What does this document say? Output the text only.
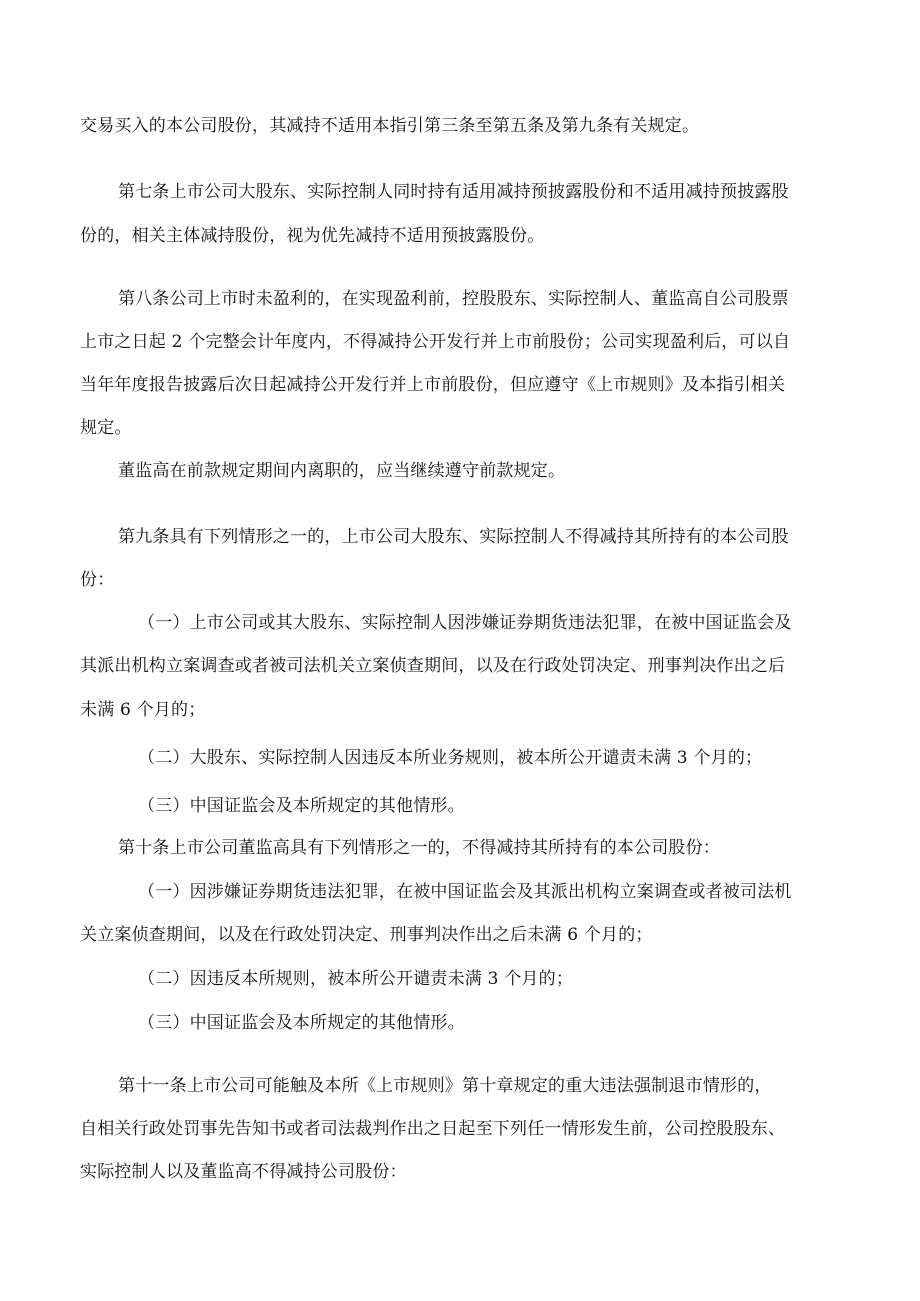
交易买入的本公司股份，其减持不适用本指引第三条至第五条及第九条有关规定。
第七条上市公司大股东、实际控制人同时持有适用减持预披露股份和不适用减持预披露股
份的，相关主体减持股份，视为优先减持不适用预披露股份。
第八条公司上市时未盈利的，在实现盈利前，控股股东、实际控制人、董监高自公司股票
上市之日起 2 个完整会计年度内，不得减持公开发行并上市前股份；公司实现盈利后，可以自
当年年度报告披露后次日起减持公开发行并上市前股份，但应遵守《上市规则》及本指引相关
规定。
董监高在前款规定期间内离职的，应当继续遵守前款规定。
第九条具有下列情形之一的，上市公司大股东、实际控制人不得减持其所持有的本公司股
份：
（一）上市公司或其大股东、实际控制人因涉嫌证券期货违法犯罪，在被中国证监会及
其派出机构立案调查或者被司法机关立案侦查期间，以及在行政处罚决定、刑事判决作出之后
未满 6 个月的；
（二）大股东、实际控制人因违反本所业务规则，被本所公开谴责未满 3 个月的；
（三）中国证监会及本所规定的其他情形。
第十条上市公司董监高具有下列情形之一的，不得减持其所持有的本公司股份：
（一）因涉嫌证券期货违法犯罪，在被中国证监会及其派出机构立案调查或者被司法机
关立案侦查期间，以及在行政处罚决定、刑事判决作出之后未满 6 个月的；
（二）因违反本所规则，被本所公开谴责未满 3 个月的；
（三）中国证监会及本所规定的其他情形。
第十一条上市公司可能触及本所《上市规则》第十章规定的重大违法强制退市情形的，
自相关行政处罚事先告知书或者司法裁判作出之日起至下列任一情形发生前，公司控股股东、
实际控制人以及董监高不得减持公司股份：
